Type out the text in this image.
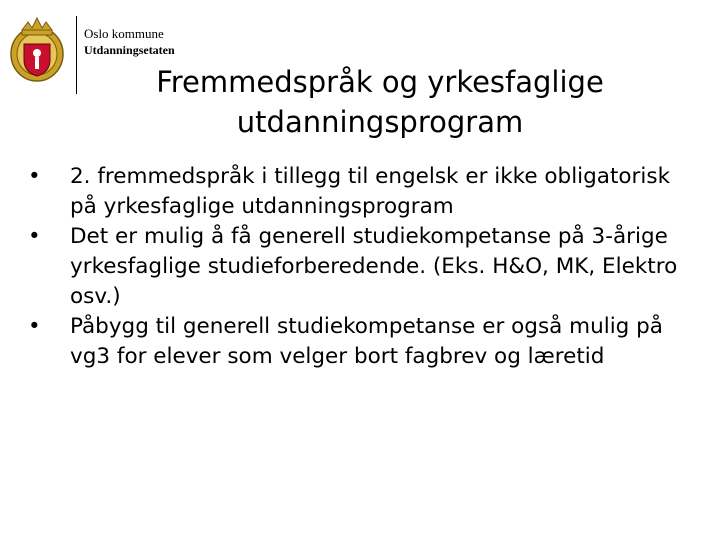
Oslo kommune
Utdanningsetaten
Fremmedspråk og yrkesfaglige utdanningsprogram
• 2. fremmedspråk i tillegg til engelsk er ikke obligatorisk på yrkesfaglige utdanningsprogram
• Det er mulig å få generell studiekompetanse på 3-årige yrkesfaglige studieforberedende. (Eks. H&O, MK, Elektro osv.)
• Påbygg til generell studiekompetanse er også mulig på vg3 for elever som velger bort fagbrev og læretid
